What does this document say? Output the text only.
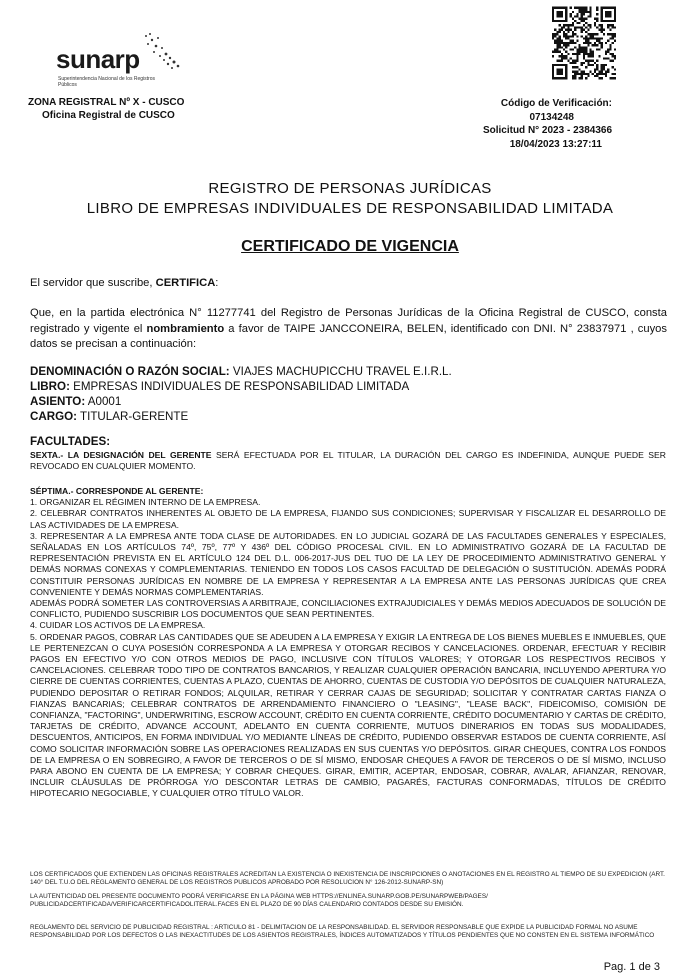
sunarp
Superintendencia Nacional de los Registros Públicos
ZONA REGISTRAL Nº X - CUSCO
Oficina Registral de CUSCO
Código de Verificación:
07134248
Solicitud N° 2023 - 2384366
18/04/2023 13:27:11
REGISTRO DE PERSONAS JURÍDICAS
LIBRO DE EMPRESAS INDIVIDUALES DE RESPONSABILIDAD LIMITADA
CERTIFICADO DE VIGENCIA
El servidor que suscribe, CERTIFICA:
Que, en la partida electrónica N° 11277741 del Registro de Personas Jurídicas de la Oficina Registral de CUSCO, consta registrado y vigente el nombramiento a favor de TAIPE JANCCONEIRA, BELEN, identificado con DNI. N° 23837971 , cuyos datos se precisan a continuación:
DENOMINACIÓN O RAZÓN SOCIAL: VIAJES MACHUPICCHU TRAVEL E.I.R.L.
LIBRO: EMPRESAS INDIVIDUALES DE RESPONSABILIDAD LIMITADA
ASIENTO: A0001
CARGO: TITULAR-GERENTE
FACULTADES:
SEXTA.- LA DESIGNACIÓN DEL GERENTE SERÁ EFECTUADA POR EL TITULAR, LA DURACIÓN DEL CARGO ES INDEFINIDA, AUNQUE PUEDE SER REVOCADO EN CUALQUIER MOMENTO.
SÉPTIMA.- CORRESPONDE AL GERENTE:
1. ORGANIZAR EL RÉGIMEN INTERNO DE LA EMPRESA.
2. CELEBRAR CONTRATOS INHERENTES AL OBJETO DE LA EMPRESA, FIJANDO SUS CONDICIONES; SUPERVISAR Y FISCALIZAR EL DESARROLLO DE LAS ACTIVIDADES DE LA EMPRESA.
3. REPRESENTAR A LA EMPRESA ANTE TODA CLASE DE AUTORIDADES. EN LO JUDICIAL GOZARÁ DE LAS FACULTADES GENERALES Y ESPECIALES, SEÑALADAS EN LOS ARTÍCULOS 74º, 75º, 77º Y 436º DEL CÓDIGO PROCESAL CIVIL. EN LO ADMINISTRATIVO GOZARÁ DE LA FACULTAD DE REPRESENTACIÓN PREVISTA EN EL ARTÍCULO 124 DEL D.L. 006-2017-JUS DEL TUO DE LA LEY DE PROCEDIMIENTO ADMINISTRATIVO GENERAL Y DEMÁS NORMAS CONEXAS Y COMPLEMENTARIAS. TENIENDO EN TODOS LOS CASOS FACULTAD DE DELEGACIÓN O SUSTITUCIÓN. ADEMÁS PODRÁ CONSTITUIR PERSONAS JURÍDICAS EN NOMBRE DE LA EMPRESA Y REPRESENTAR A LA EMPRESA ANTE LAS PERSONAS JURÍDICAS QUE CREA CONVENIENTE Y DEMÁS NORMAS COMPLEMENTARIAS.
ADEMÁS PODRÁ SOMETER LAS CONTROVERSIAS A ARBITRAJE, CONCILIACIONES EXTRAJUDICIALES Y DEMÁS MEDIOS ADECUADOS DE SOLUCIÓN DE CONFLICTO, PUDIENDO SUSCRIBIR LOS DOCUMENTOS QUE SEAN PERTINENTES.
4. CUIDAR LOS ACTIVOS DE LA EMPRESA.
5. ORDENAR PAGOS, COBRAR LAS CANTIDADES QUE SE ADEUDEN A LA EMPRESA Y EXIGIR LA ENTREGA DE LOS BIENES MUEBLES E INMUEBLES, QUE LE PERTENEZCAN O CUYA POSESIÓN CORRESPONDA A LA EMPRESA Y OTORGAR RECIBOS Y CANCELACIONES. ORDENAR, EFECTUAR Y RECIBIR PAGOS EN EFECTIVO Y/O CON OTROS MEDIOS DE PAGO, INCLUSIVE CON TÍTULOS VALORES; Y OTORGAR LOS RESPECTIVOS RECIBOS Y CANCELACIONES. CELEBRAR TODO TIPO DE CONTRATOS BANCARIOS, Y REALIZAR CUALQUIER OPERACIÓN BANCARIA, INCLUYENDO APERTURA Y/O CIERRE DE CUENTAS CORRIENTES, CUENTAS A PLAZO, CUENTAS DE AHORRO, CUENTAS DE CUSTODIA Y/O DEPÓSITOS DE CUALQUIER NATURALEZA, PUDIENDO DEPOSITAR O RETIRAR FONDOS; ALQUILAR, RETIRAR Y CERRAR CAJAS DE SEGURIDAD; SOLICITAR Y CONTRATAR CARTAS FIANZA O FIANZAS BANCARIAS; CELEBRAR CONTRATOS DE ARRENDAMIENTO FINANCIERO O "LEASING", "LEASE BACK", FIDEICOMISO, COMISIÓN DE CONFIANZA, "FACTORING", UNDERWRITING, ESCROW ACCOUNT, CRÉDITO EN CUENTA CORRIENTE, CRÉDITO DOCUMENTARIO Y CARTAS DE CRÉDITO, TARJETAS DE CRÉDITO, ADVANCE ACCOUNT, ADELANTO EN CUENTA CORRIENTE, MUTUOS DINERARIOS EN TODAS SUS MODALIDADES, DESCUENTOS, ANTICIPOS, EN FORMA INDIVIDUAL Y/O MEDIANTE LÍNEAS DE CRÉDITO, PUDIENDO OBSERVAR ESTADOS DE CUENTA CORRIENTE, ASÍ COMO SOLICITAR INFORMACIÓN SOBRE LAS OPERACIONES REALIZADAS EN SUS CUENTAS Y/O DEPÓSITOS. GIRAR CHEQUES, CONTRA LOS FONDOS DE LA EMPRESA O EN SOBREGIRO, A FAVOR DE TERCEROS O DE SÍ MISMO, ENDOSAR CHEQUES A FAVOR DE TERCEROS O DE SÍ MISMO, INCLUSO PARA ABONO EN CUENTA DE LA EMPRESA; Y COBRAR CHEQUES. GIRAR, EMITIR, ACEPTAR, ENDOSAR, COBRAR, AVALAR, AFIANZAR, RENOVAR, INCLUIR CLÁUSULAS DE PRÓRROGA Y/O DESCONTAR LETRAS DE CAMBIO, PAGARÉS, FACTURAS CONFORMADAS, TÍTULOS DE CRÉDITO HIPOTECARIO NEGOCIABLE, Y CUALQUIER OTRO TÍTULO VALOR.
LOS CERTIFICADOS QUE EXTIENDEN LAS OFICINAS REGISTRALES ACREDITAN LA EXISTENCIA O INEXISTENCIA DE INSCRIPCIONES O ANOTACIONES EN EL REGISTRO AL TIEMPO DE SU EXPEDICION (ART. 140° DEL T.U.O DEL REGLAMENTO GENERAL DE LOS REGISTROS PUBLICOS APROBADO POR RESOLUCION N° 126-2012-SUNARP-SN)
LA AUTENTICIDAD DEL PRESENTE DOCUMENTO PODRÁ VERIFICARSE EN LA PÁGINA WEB HTTPS://ENLINEA.SUNARP.GOB.PE/SUNARPWEB/PAGES/ PUBLICIDADCERTIFICADA/VERIFICARCERTIFICADOLITERAL.FACES EN EL PLAZO DE 90 DÍAS CALENDARIO CONTADOS DESDE SU EMISIÓN.
REGLAMENTO DEL SERVICIO DE PUBLICIDAD REGISTRAL : ARTICULO 81 - DELIMITACION DE LA RESPONSABILIDAD. EL SERVIDOR RESPONSABLE QUE EXPIDE LA PUBLICIDAD FORMAL NO ASUME RESPONSABILIDAD POR LOS DEFECTOS O LAS INEXACTITUDES DE LOS ASIENTOS REGISTRALES, ÍNDICES AUTOMATIZADOS Y TÍTULOS PENDIENTES QUE NO CONSTEN EN EL SISTEMA INFORMÁTICO
Pag. 1 de 3
